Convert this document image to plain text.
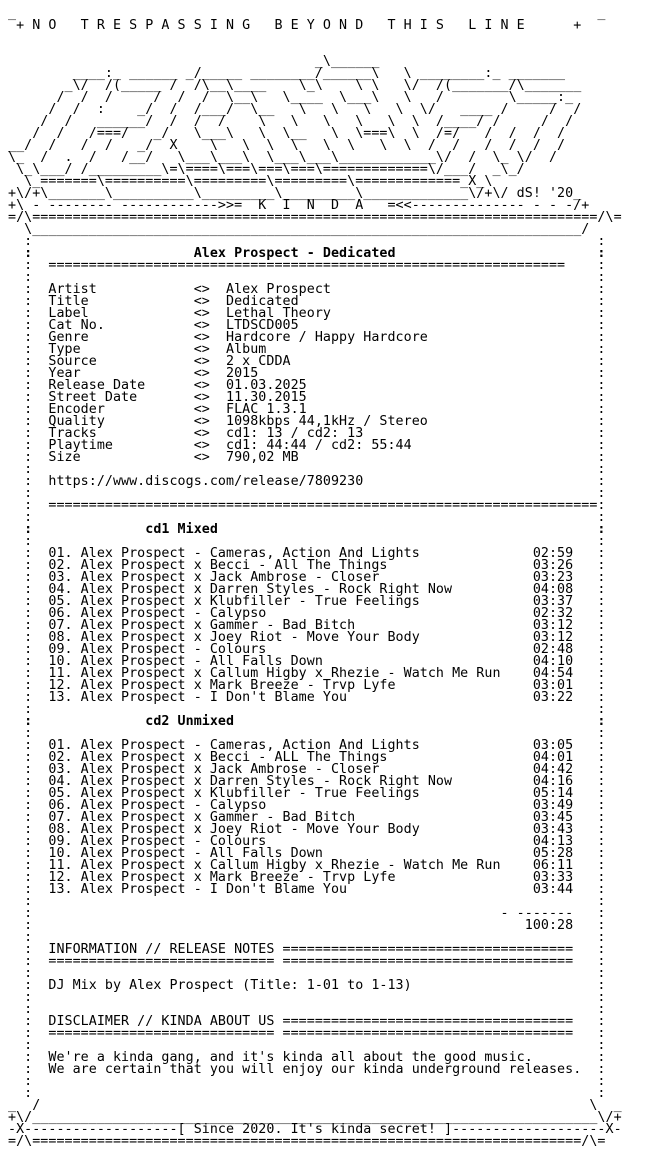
_                                                                        _
+ N O   T R E S P A S S I N G   B E Y O N D   T H I S   L I N E      +

_\______
____:_ ______ _/_____ ________/______\   \ ________:_ _______
_\/  /(_____ /  /\__\____    \_\    \ \   \/  /(_______/\_______
/  /  /     /  /  /  \__\   \____  \___\   \   /        \_____:_
/  /  :    _/  /  /___/  \__   \   \   \   \  \/   ____ /     /  /
/  /   ______/  /  /  /    \   \   \   \   \  \  /____/ /     /  /
/  /   /===/   _/   \___\   \  \__   \  \===\  \  /=/   /  /  /  /
__/  /   /  /   _/  X    \   \  \  \   \  \   \  \  /  /   /  /  /  /
\_  /  .  /   /__/   \___\___\  \___\___\____________\/  /  \_ \/  /
\_\___/ /_________\=\====\===\===\===\=============\/___/  _\_/
\_=======\==========\=========\=========\=============_X_\
+\/+\_______\__________\_________\_________\_____________\/+\/ dS! '20_
+\ - -------- ------------>>=  K  I  N  D  A   =<<-------------- - - -/+
=/\======================================================================/\=
\____________________________________________________________________/
:                                                                      :
:                    Alex Prospect - Dedicated                         :
:  ================================================================    :
:                                                                      :
:  Artist            <>  Alex Prospect                                 :
:  Title             <>  Dedicated                                     :
:  Label             <>  Lethal Theory                                 :
:  Cat No.           <>  LTDSCD005                                     :
:  Genre             <>  Hardcore / Happy Hardcore                     :
:  Type              <>  Album                                         :
:  Source            <>  2 x CDDA                                      :
:  Year              <>  2015                                          :
:  Release Date      <>  01.03.2025                                    :
:  Street Date       <>  11.30.2015                                    :
:  Encoder           <>  FLAC 1.3.1                                    :
:  Quality           <>  1098kbps 44,1kHz / Stereo                     :
:  Tracks            <>  cd1: 13 / cd2: 13                             :
:  Playtime          <>  cd1: 44:44 / cd2: 55:44                       :
:  Size              <>  790,02 MB                                     :
:                                                                      :
:  https://www.discogs.com/release/7809230                             :
:                                                                      :
:  ====================================================================:
:                                                                      :
:              cd1 Mixed                                               :
:                                                                      :
:  01. Alex Prospect - Cameras, Action And Lights              02:59   :
:  02. Alex Prospect x Becci - All The Things                  03:26   :
:  03. Alex Prospect x Jack Ambrose - Closer                   03:23   :
:  04. Alex Prospect x Darren Styles - Rock Right Now          04:08   :
:  05. Alex Prospect x Klubfiller - True Feelings              03:37   :
:  06. Alex Prospect - Calypso                                 02:32   :
:  07. Alex Prospect x Gammer - Bad Bitch                      03:12   :
:  08. Alex Prospect x Joey Riot - Move Your Body              03:12   :
:  09. Alex Prospect - Colours                                 02:48   :
:  10. Alex Prospect - All Falls Down                          04:10   :
:  11. Alex Prospect x Callum Higby x Rhezie - Watch Me Run    04:54   :
:  12. Alex Prospect x Mark Breeze - Trvp Lyfe                 03:01   :
:  13. Alex Prospect - I Don't Blame You                       03:22   :
:                                                                      :
:              cd2 Unmixed                                             :
:                                                                      :
:  01. Alex Prospect - Cameras, Action And Lights              03:05   :
:  02. Alex Prospect x Becci - ALL The Things                  04:01   :
:  03. Alex Prospect x Jack Ambrose - Closer                   04:42   :
:  04. Alex Prospect x Darren Styles - Rock Right Now          04:16   :
:  05. Alex Prospect x Klubfiller - True Feelings              05:14   :
:  06. Alex Prospect - Calypso                                 03:49   :
:  07. Alex Prospect x Gammer - Bad Bitch                      03:45   :
:  08. Alex Prospect x Joey Riot - Move Your Body              03:43   :
:  09. Alex Prospect - Colours                                 04:13   :
:  10. Alex Prospect - All Falls Down                          05:28   :
:  11. Alex Prospect x Callum Higby x Rhezie - Watch Me Run    06:11   :
:  12. Alex Prospect x Mark Breeze - Trvp Lyfe                 03:33   :
:  13. Alex Prospect - I Don't Blame You                       03:44   :
:                                                                      :
:                                                          - -------   :
:                                                             100:28   :
:                                                                      :
:  INFORMATION // RELEASE NOTES ====================================   :
:  ============================ ====================================   :
:                                                                      :
:  DJ Mix by Alex Prospect (Title: 1-01 to 1-13)                       :
:                                                                      :
:                                                                      :
:  DISCLAIMER // KINDA ABOUT US ====================================   :
:  ============================ ====================================   :
:                                                                      :
:  We're a kinda gang, and it's kinda all about the good music.        :
:  We are certain that you will enjoy our kinda underground releases.  :
:                                                                      :
:                                                                      :
_  /                                                                    \  _
+\/______________________________________________________________________\/+
-X-------------------[ Since 2020. It's kinda secret! ]-------------------X-
=/\====================================================================/\=
